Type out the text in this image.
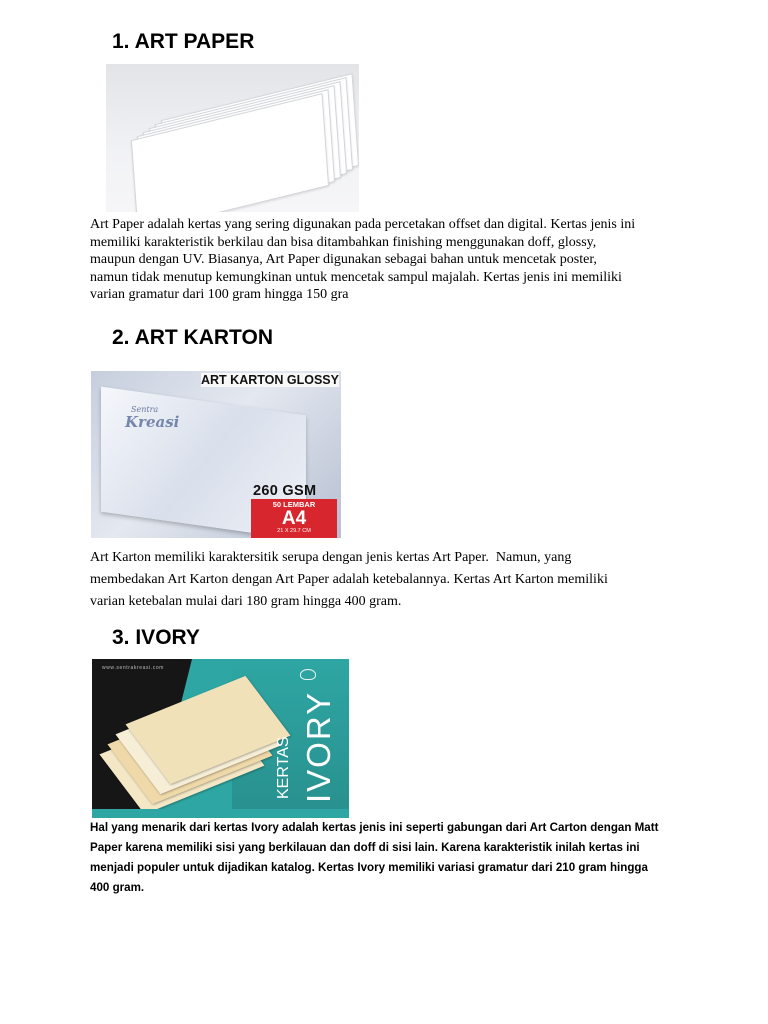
1. ART PAPER
Art Paper adalah kertas yang sering digunakan pada percetakan offset dan digital. Kertas jenis ini
memiliki karakteristik berkilau dan bisa ditambahkan finishing menggunakan doff, glossy,
maupun dengan UV. Biasanya, Art Paper digunakan sebagai bahan untuk mencetak poster,
namun tidak menutup kemungkinan untuk mencetak sampul majalah. Kertas jenis ini memiliki
varian gramatur dari 100 gram hingga 150 gra
2. ART KARTON
ART KARTON GLOSSY
Sentra
Kreasi
260 GSM
50 LEMBAR
A4
21 X 29.7 CM
Art Karton memiliki karaktersitik serupa dengan jenis kertas Art Paper.  Namun, yang
membedakan Art Karton dengan Art Paper adalah ketebalannya. Kertas Art Karton memiliki
varian ketebalan mulai dari 180 gram hingga 400 gram.
3. IVORY
www.sentrakreasi.com
KERTAS IVORY
Hal yang menarik dari kertas Ivory adalah kertas jenis ini seperti gabungan dari Art Carton dengan Matt
Paper karena memiliki sisi yang berkilauan dan doff di sisi lain. Karena karakteristik inilah kertas ini
menjadi populer untuk dijadikan katalog. Kertas Ivory memiliki variasi gramatur dari 210 gram hingga
400 gram.
